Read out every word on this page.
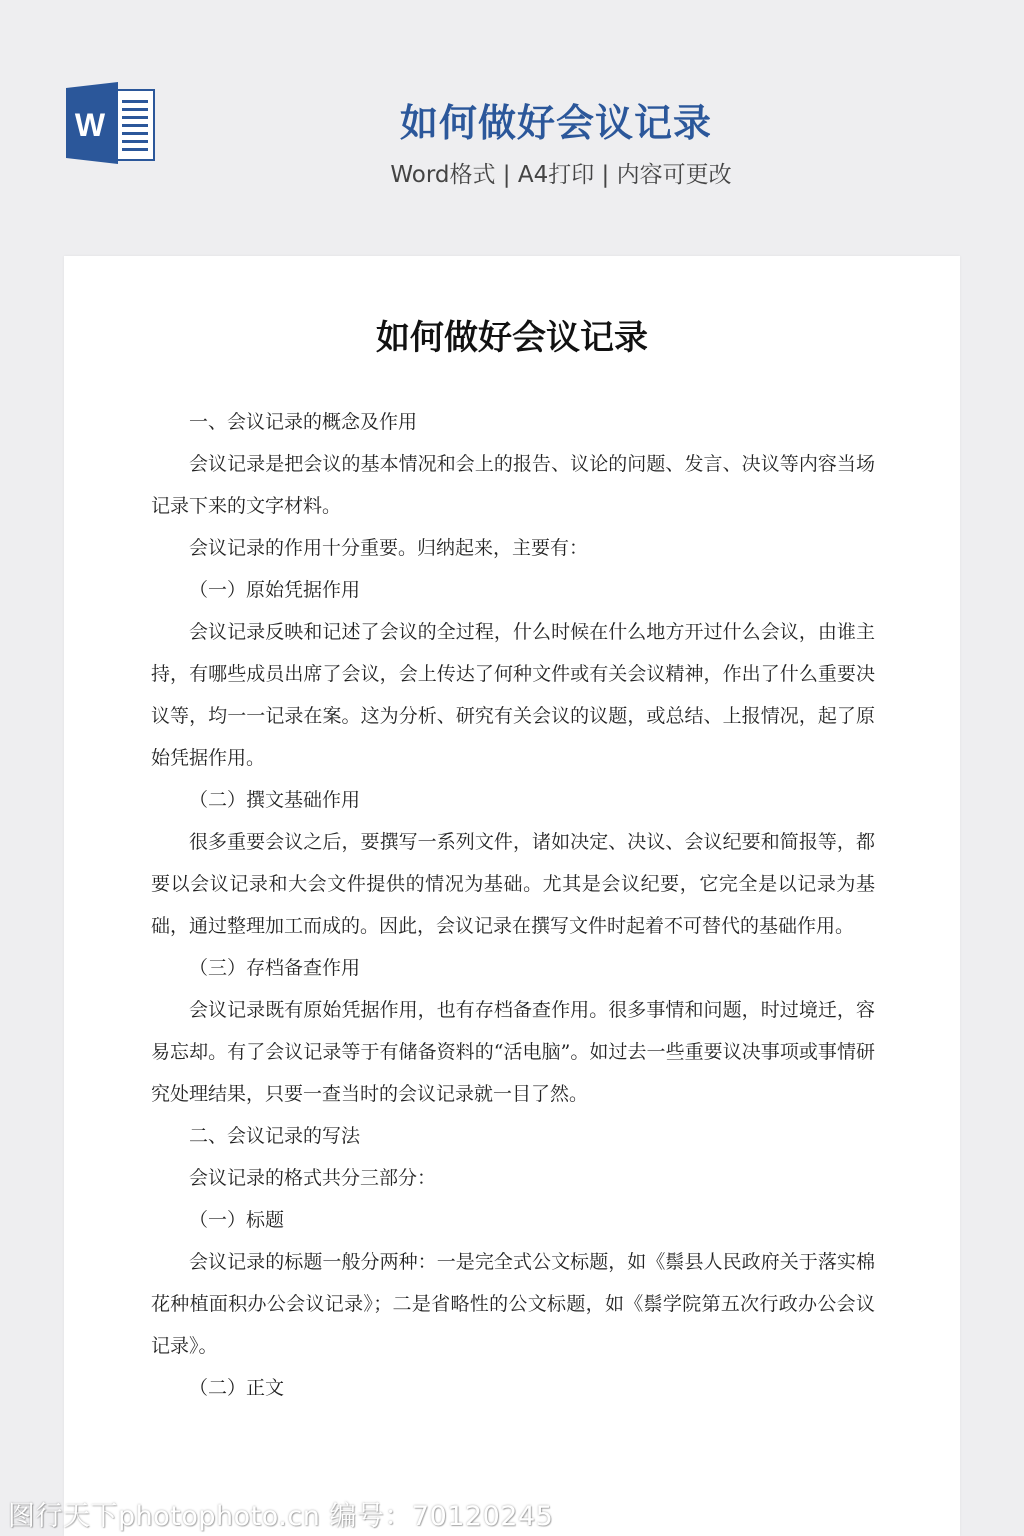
W	如何做好会议记录
Word格式 | A4打印 | 内容可更改
如何做好会议记录

一、会议记录的概念及作用

会议记录是把会议的基本情况和会上的报告、议论的问题、发言、决议等内容当场记录下来的文字材料。

会议记录的作用十分重要。归纳起来，主要有：

（一）原始凭据作用

会议记录反映和记述了会议的全过程，什么时候在什么地方开过什么会议，由谁主持，有哪些成员出席了会议，会上传达了何种文件或有关会议精神，作出了什么重要决议等，均一一记录在案。这为分析、研究有关会议的议题，或总结、上报情况，起了原始凭据作用。

（二）撰文基础作用

很多重要会议之后，要撰写一系列文件，诸如决定、决议、会议纪要和简报等，都要以会议记录和大会文件提供的情况为基础。尤其是会议纪要，它完全是以记录为基础，通过整理加工而成的。因此，会议记录在撰写文件时起着不可替代的基础作用。

（三）存档备查作用

会议记录既有原始凭据作用，也有存档备查作用。很多事情和问题，时过境迁，容易忘却。有了会议记录等于有储备资料的“活电脑”。如过去一些重要议决事项或事情研究处理结果，只要一查当时的会议记录就一目了然。

二、会议记录的写法

会议记录的格式共分三部分：

（一）标题

会议记录的标题一般分两种：一是完全式公文标题，如《鬃县人民政府关于落实棉花种植面积办公会议记录》；二是省略性的公文标题，如《鬃学院第五次行政办公会议记录》。

（二）正文

图行天下photophoto.cn 编号：70120245
